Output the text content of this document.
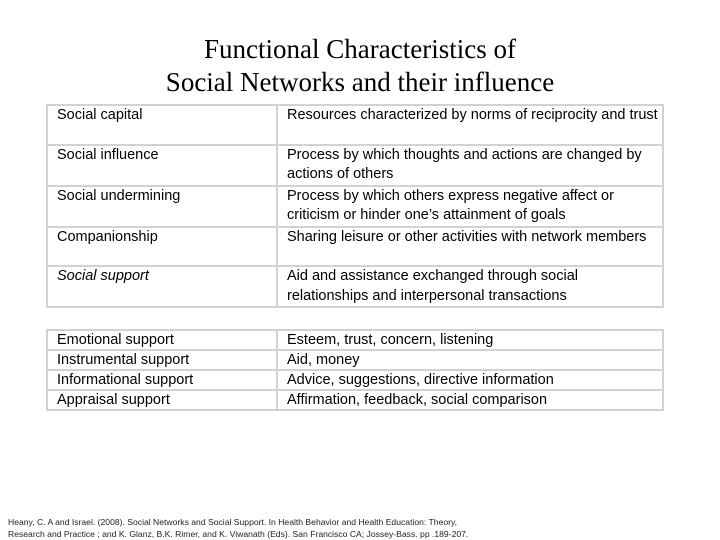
Functional Characteristics of
Social Networks and their influence
Social capital	Resources characterized by norms of reciprocity and trust
Social influence	Process by which thoughts and actions are changed by actions of others
Social undermining	Process by which others express negative affect or criticism or hinder one’s attainment of goals
Companionship	Sharing leisure or other activities with network members
Social support	Aid and assistance exchanged through social relationships and interpersonal transactions
Emotional support	Esteem, trust, concern, listening
Instrumental support	Aid, money
Informational support	Advice, suggestions, directive information
Appraisal support	Affirmation, feedback, social comparison
Heany, C. A and Israel. (2008). Social Networks and Social Support. In Health Behavior and Health Education: Theory,
Research and Practice ; and K. Glanz, B.K. Rimer, and K. Viwanath (Eds). San Francisco CA; Jossey-Bass. pp .189-207.
